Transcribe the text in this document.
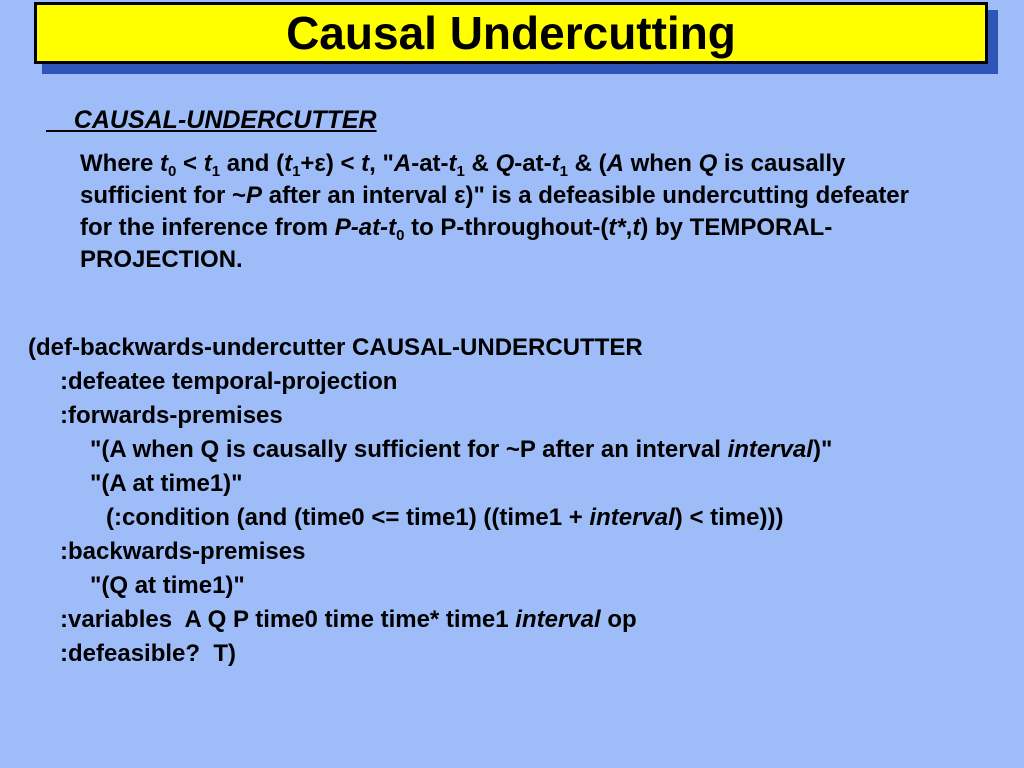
Causal Undercutting
CAUSAL-UNDERCUTTER
Where $t_0 < t_1$ and $(t_1+\varepsilon) < t$, "$A-at-t_1$ & $Q-at-t_1$ & (A when Q is causally sufficient for ~P after an interval ε)" is a defeasible undercutting defeater for the inference from $P-at-t_0$ to P-throughout-(t*,t) by TEMPORAL-PROJECTION.
(def-backwards-undercutter CAUSAL-UNDERCUTTER
:defeatee temporal-projection
:forwards-premises
"(A when Q is causally sufficient for ~P after an interval interval)"
"(A at time1)"
(:condition (and (time0 <= time1) ((time1 + interval) < time)))
:backwards-premises
"(Q at time1)"
:variables  A Q P time0 time time* time1 interval op
:defeasible?  T)
